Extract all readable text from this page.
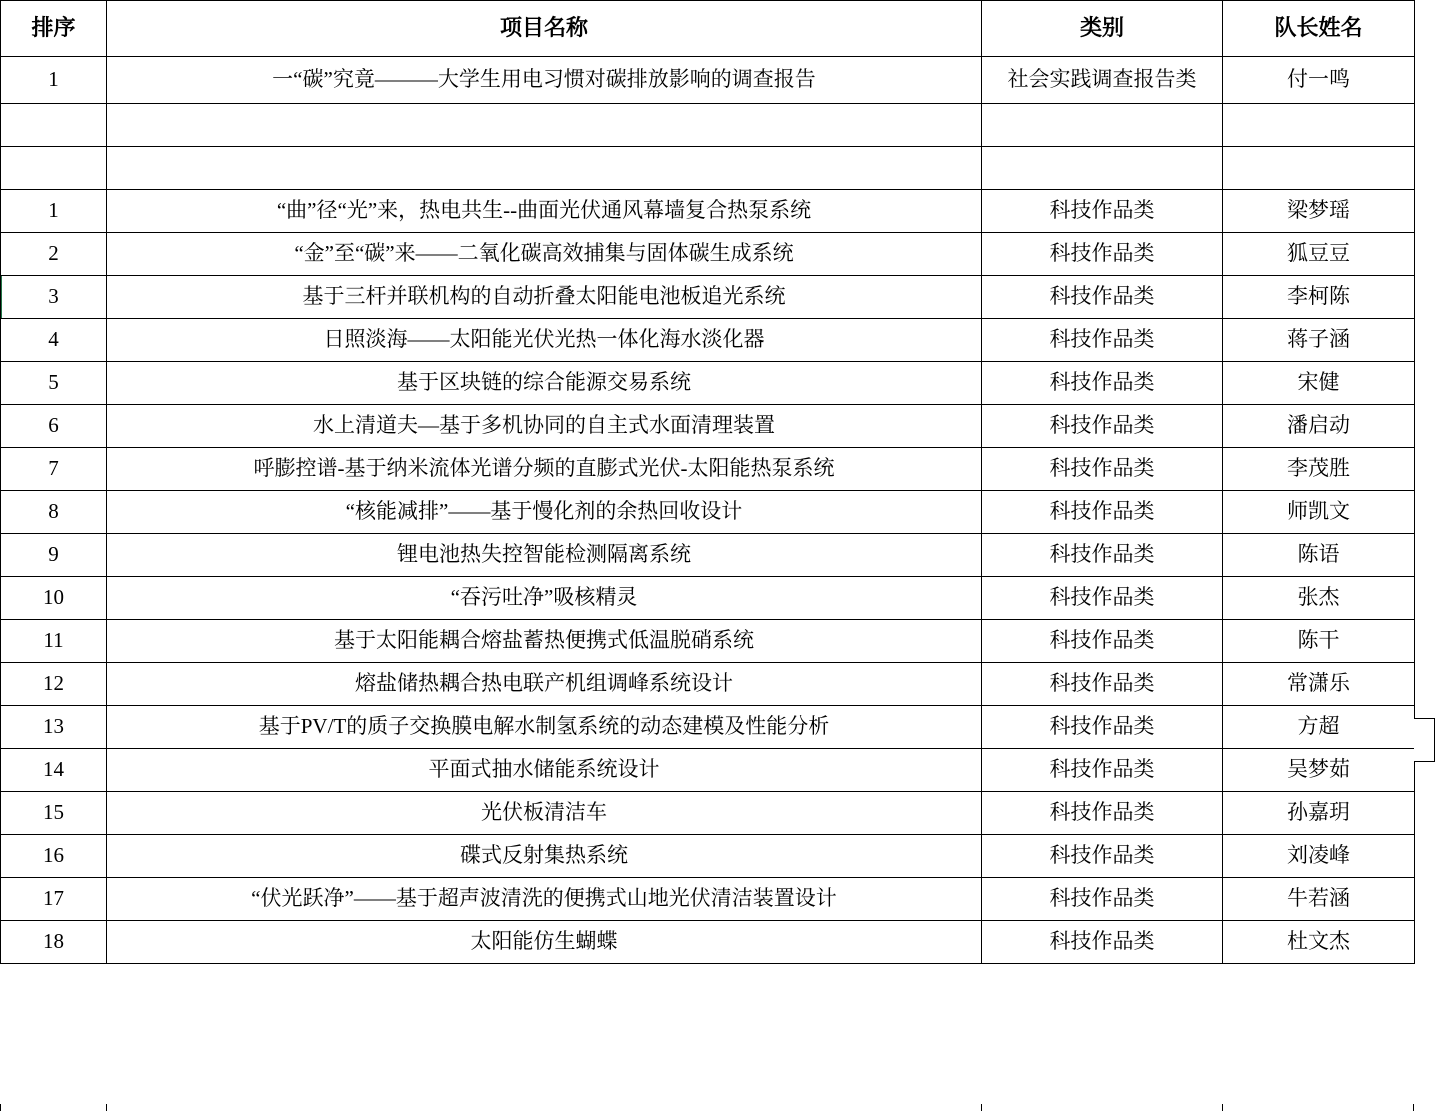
排序	项目名称	类别	队长姓名
1	一“碳”究竟———大学生用电习惯对碳排放影响的调查报告	社会实践调查报告类	付一鸣

1	“曲”径“光”来，热电共生--曲面光伏通风幕墙复合热泵系统	科技作品类	梁梦瑶
2	“金”至“碳”来——二氧化碳高效捕集与固体碳生成系统	科技作品类	狐豆豆
3	基于三杆并联机构的自动折叠太阳能电池板追光系统	科技作品类	李柯陈
4	日照淡海——太阳能光伏光热一体化海水淡化器	科技作品类	蒋子涵
5	基于区块链的综合能源交易系统	科技作品类	宋健
6	水上清道夫—基于多机协同的自主式水面清理装置	科技作品类	潘启动
7	呼膨控谱-基于纳米流体光谱分频的直膨式光伏-太阳能热泵系统	科技作品类	李茂胜
8	“核能减排”——基于慢化剂的余热回收设计	科技作品类	师凯文
9	锂电池热失控智能检测隔离系统	科技作品类	陈语
10	“吞污吐净”吸核精灵	科技作品类	张杰
11	基于太阳能耦合熔盐蓄热便携式低温脱硝系统	科技作品类	陈干
12	熔盐储热耦合热电联产机组调峰系统设计	科技作品类	常潇乐
13	基于PV/T的质子交换膜电解水制氢系统的动态建模及性能分析	科技作品类	方超
14	平面式抽水储能系统设计	科技作品类	吴梦茹
15	光伏板清洁车	科技作品类	孙嘉玥
16	碟式反射集热系统	科技作品类	刘凌峰
17	“伏光跃净”——基于超声波清洗的便携式山地光伏清洁装置设计	科技作品类	牛若涵
18	太阳能仿生蝴蝶	科技作品类	杜文杰
